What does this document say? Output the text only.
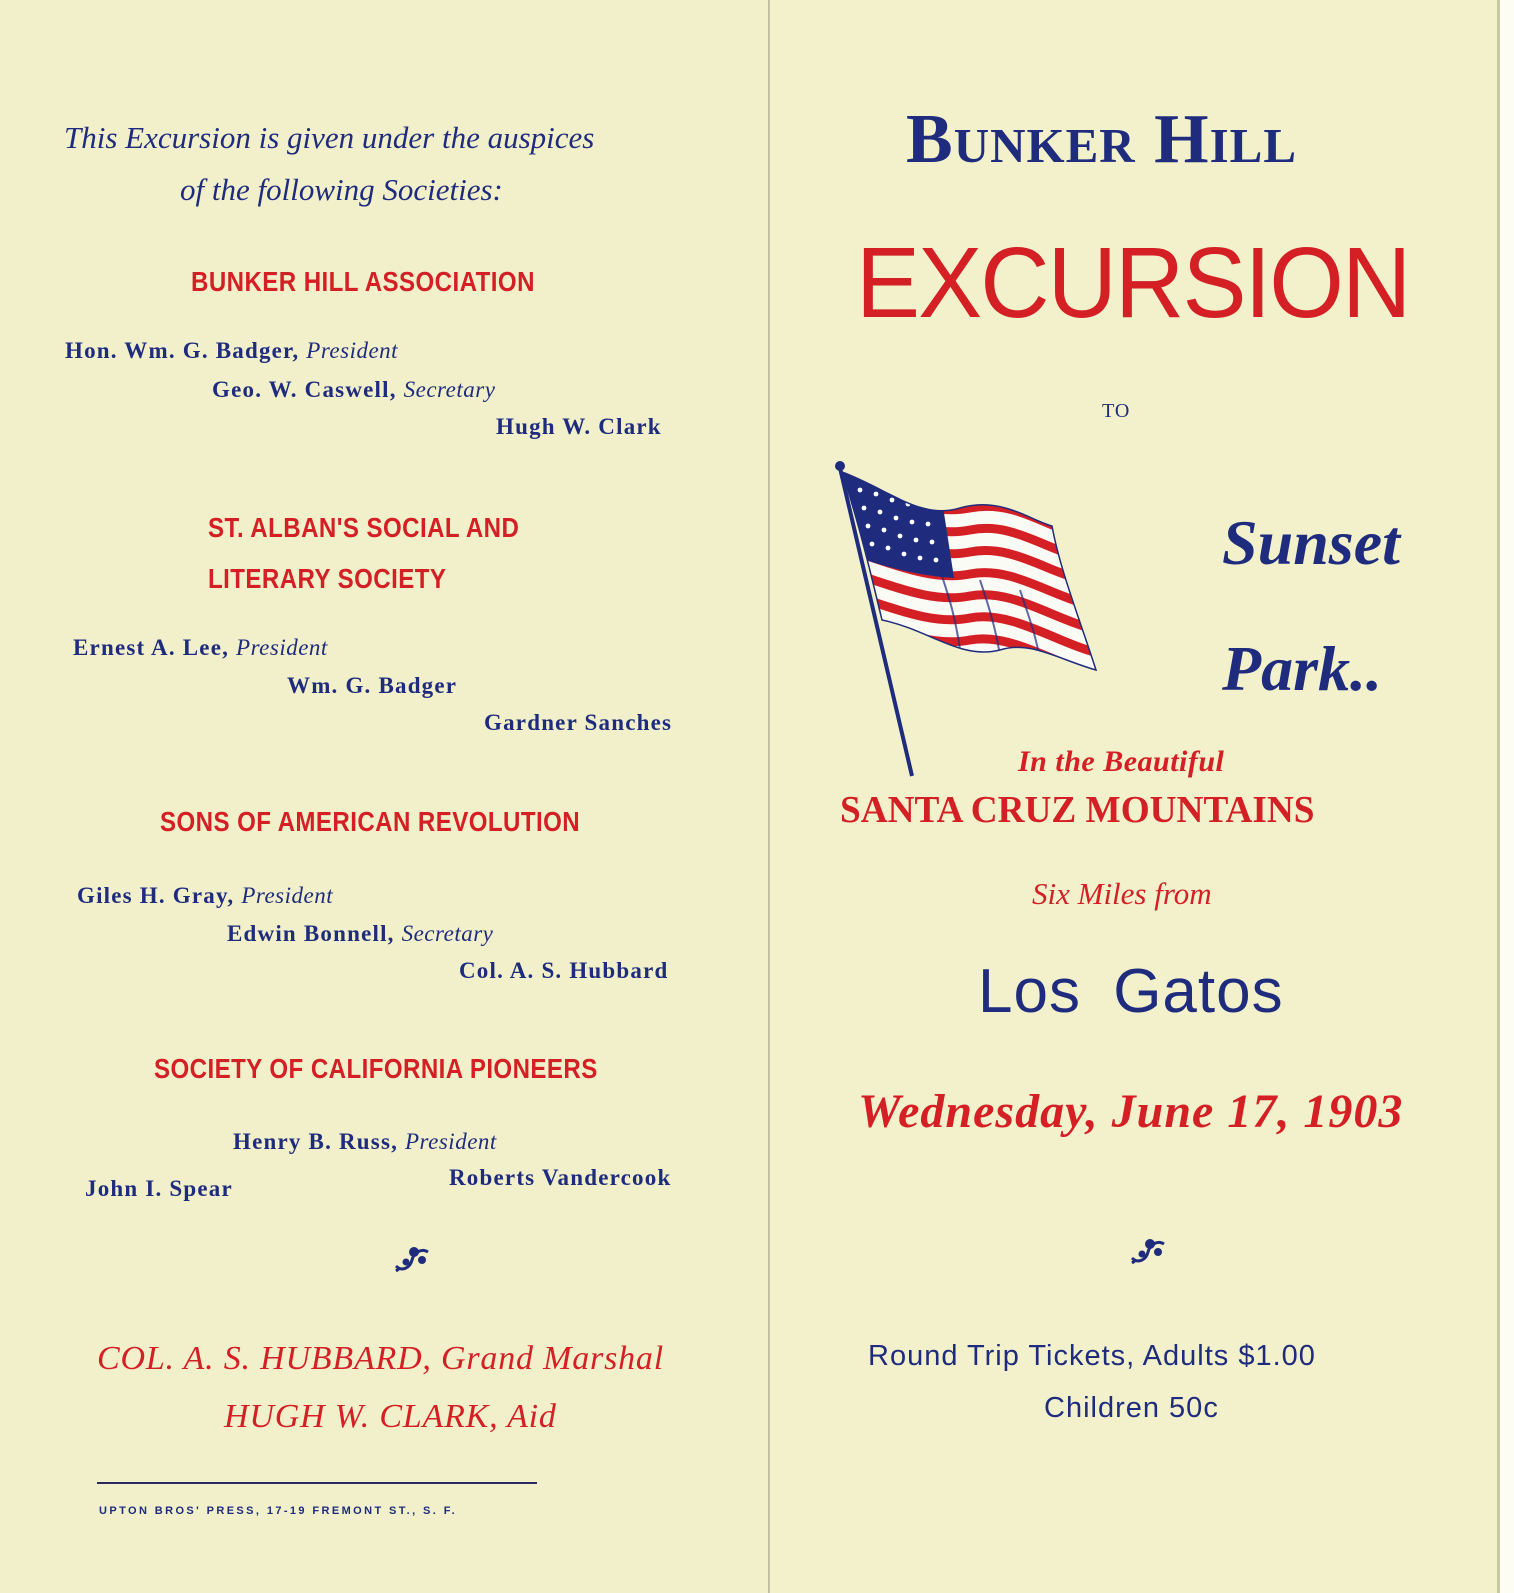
This Excursion is given under the auspices
of the following Societies:
BUNKER HILL ASSOCIATION
Hon. Wm. G. Badger, President
Geo. W. Caswell, Secretary
Hugh W. Clark
ST. ALBAN'S SOCIAL AND
LITERARY SOCIETY
Ernest A. Lee, President
Wm. G. Badger
Gardner Sanches
SONS OF AMERICAN REVOLUTION
Giles H. Gray, President
Edwin Bonnell, Secretary
Col. A. S. Hubbard
SOCIETY OF CALIFORNIA PIONEERS
Henry B. Russ, President
John I. Spear	Roberts Vandercook
COL. A. S. HUBBARD, Grand Marshal
HUGH W. CLARK, Aid
UPTON BROS' PRESS, 17-19 FREMONT ST., S. F.
Bunker Hill
EXCURSION
TO
Sunset
Park..
In the Beautiful
SANTA CRUZ MOUNTAINS
Six Miles from
Los Gatos
Wednesday, June 17, 1903
Round Trip Tickets, Adults $1.00
Children 50c
